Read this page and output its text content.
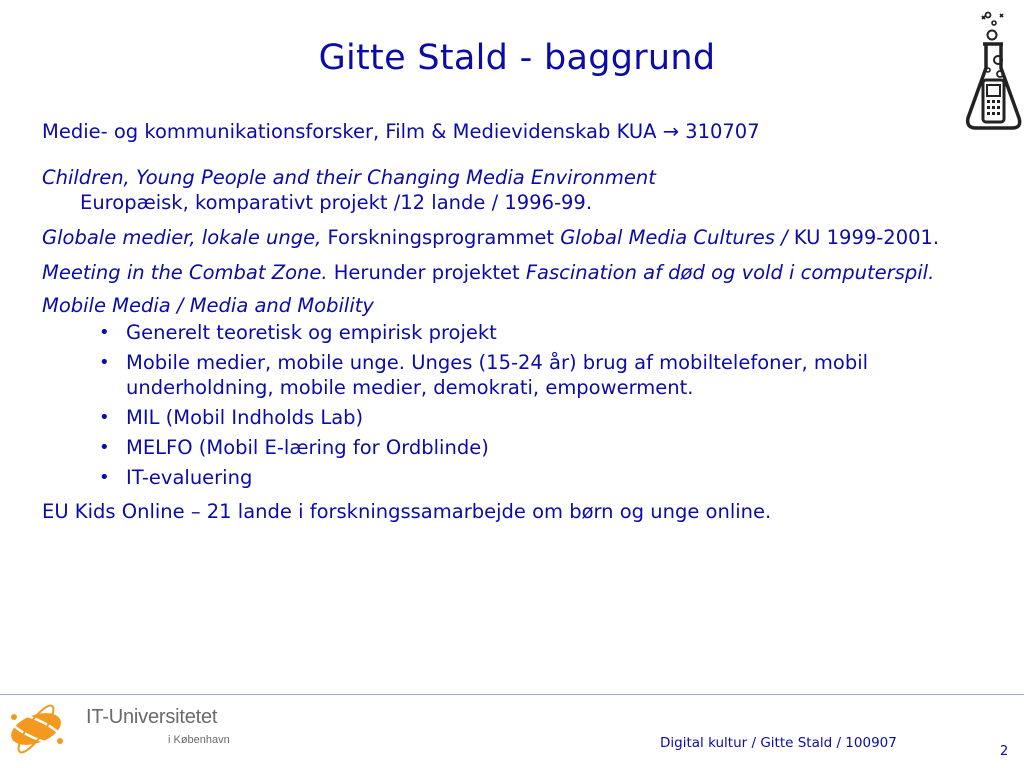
Gitte Stald - baggrund

Medie- og kommunikationsforsker, Film & Medievidenskab KUA → 310707

Children, Young People and their Changing Media Environment

Europæisk, komparativt projekt /12 lande / 1996-99.

Globale medier, lokale unge, Forskningsprogrammet Global Media Cultures / KU 1999-2001.

Meeting in the Combat Zone. Herunder projektet Fascination af død og vold i computerspil.

Mobile Media / Media and Mobility

• Generelt teoretisk og empirisk projekt
• Mobile medier, mobile unge. Unges (15-24 år) brug af mobiltelefoner, mobil underholdning, mobile medier, demokrati, empowerment.
• MIL (Mobil Indholds Lab)
• MELFO (Mobil E-læring for Ordblinde)
• IT-evaluering

EU Kids Online – 21 lande i forskningssamarbejde om børn og unge online.

IT-Universitetet
i København	Digital kultur / Gitte Stald / 100907
2
